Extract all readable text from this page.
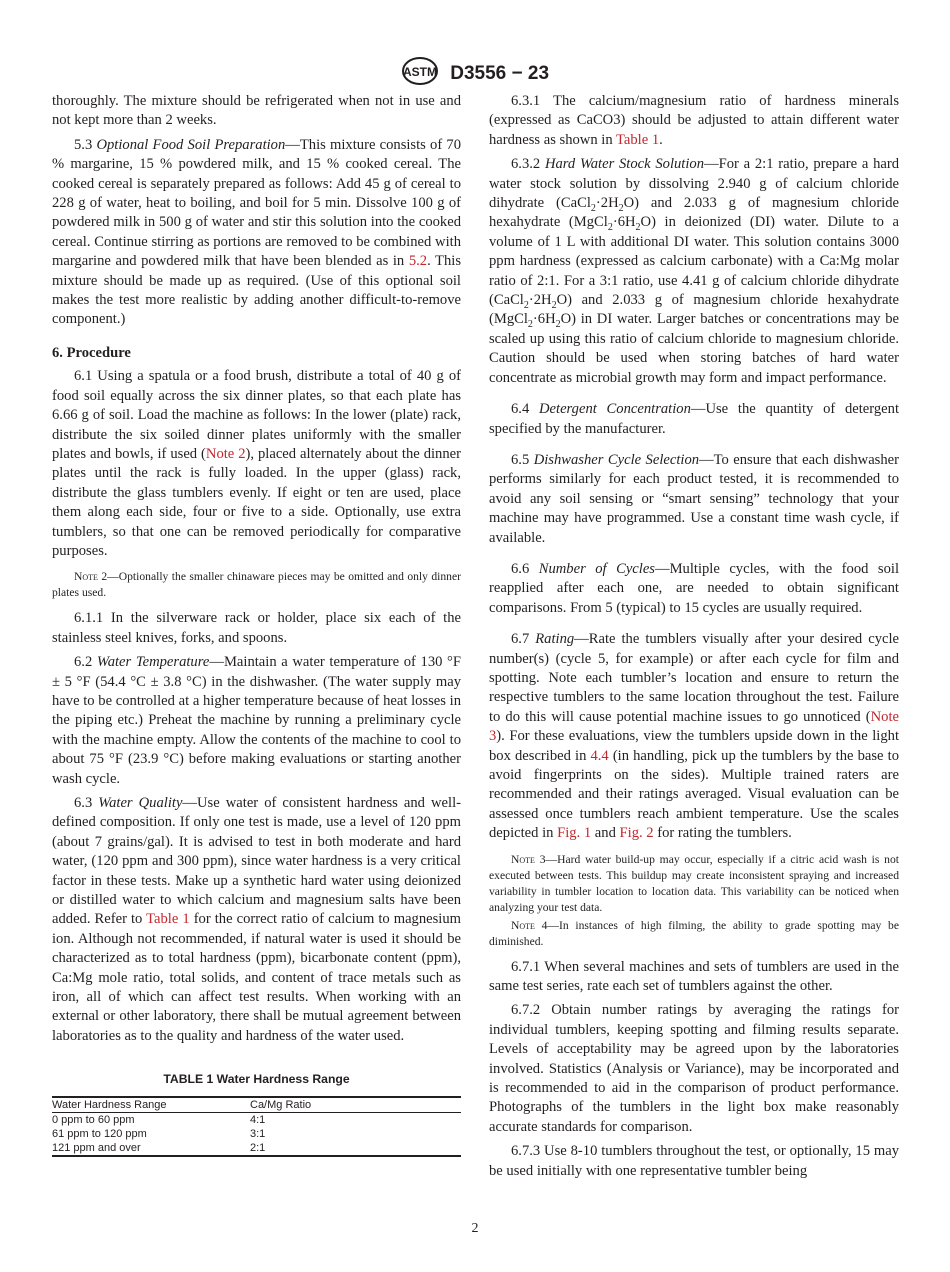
ASTM D3556 − 23
thoroughly. The mixture should be refrigerated when not in use and not kept more than 2 weeks.
5.3 Optional Food Soil Preparation—This mixture consists of 70 % margarine, 15 % powdered milk, and 15 % cooked cereal. The cooked cereal is separately prepared as follows: Add 45 g of cereal to 228 g of water, heat to boiling, and boil for 5 min. Dissolve 100 g of powdered milk in 500 g of water and stir this solution into the cooked cereal. Continue stirring as portions are removed to be combined with margarine and powdered milk that have been blended as in 5.2. This mixture should be made up as required. (Use of this optional soil makes the test more realistic by adding another difficult-to-remove component.)
6. Procedure
6.1 Using a spatula or a food brush, distribute a total of 40 g of food soil equally across the six dinner plates, so that each plate has 6.66 g of soil. Load the machine as follows: In the lower (plate) rack, distribute the six soiled dinner plates uniformly with the smaller plates and bowls, if used (Note 2), placed alternately about the dinner plates until the rack is fully loaded. In the upper (glass) rack, distribute the glass tumblers evenly. If eight or ten are used, place them along each side, four or five to a side. Optionally, use extra tumblers, so that one can be removed periodically for comparative purposes.
Note 2—Optionally the smaller chinaware pieces may be omitted and only dinner plates used.
6.1.1 In the silverware rack or holder, place six each of the stainless steel knives, forks, and spoons.
6.2 Water Temperature—Maintain a water temperature of 130 °F ± 5 °F (54.4 °C ± 3.8 °C) in the dishwasher. (The water supply may have to be controlled at a higher temperature because of heat losses in the piping etc.) Preheat the machine by running a preliminary cycle with the machine empty. Allow the contents of the machine to cool to about 75 °F (23.9 °C) before making evaluations or starting another wash cycle.
6.3 Water Quality—Use water of consistent hardness and well-defined composition. If only one test is made, use a level of 120 ppm (about 7 grains/gal). It is advised to test in both moderate and hard water, (120 ppm and 300 ppm), since water hardness is a very critical factor in these tests. Make up a synthetic hard water using deionized or distilled water to which calcium and magnesium salts have been added. Refer to Table 1 for the correct ratio of calcium to magnesium ion. Although not recommended, if natural water is used it should be characterized as to total hardness (ppm), bicarbonate content (ppm), Ca:Mg mole ratio, total solids, and content of trace metals such as iron, all of which can affect test results. When working with an external or other laboratory, there shall be mutual agreement between laboratories as to the quality and hardness of the water used.
TABLE 1 Water Hardness Range
Water Hardness Range	Ca/Mg Ratio
0 ppm to 60 ppm	4:1
61 ppm to 120 ppm	3:1
121 ppm and over	2:1
6.3.1 The calcium/magnesium ratio of hardness minerals (expressed as CaCO3) should be adjusted to attain different water hardness as shown in Table 1.
6.3.2 Hard Water Stock Solution—For a 2:1 ratio, prepare a hard water stock solution by dissolving 2.940 g of calcium chloride dihydrate $(CaCl_2\cdot 2H_2O)$ and 2.033 g of magnesium chloride hexahydrate $(MgCl_2\cdot 6H_2O)$ in deionized (DI) water. Dilute to a volume of 1 L with additional DI water. This solution contains 3000 ppm hardness (expressed as calcium carbonate) with a Ca:Mg molar ratio of 2:1. For a 3:1 ratio, use 4.41 g of calcium chloride dihydrate $(CaCl_2\cdot 2H_2O)$ and 2.033 g of magnesium chloride hexahydrate $(MgCl_2\cdot 6H_2O)$ in DI water. Larger batches or concentrations may be scaled up using this ratio of calcium chloride to magnesium chloride. Caution should be used when storing batches of hard water concentrate as microbial growth may form and impact performance.
6.4 Detergent Concentration—Use the quantity of detergent specified by the manufacturer.
6.5 Dishwasher Cycle Selection—To ensure that each dishwasher performs similarly for each product tested, it is recommended to avoid any soil sensing or “smart sensing” technology that your machine may have programmed. Use a constant time wash cycle, if available.
6.6 Number of Cycles—Multiple cycles, with the food soil reapplied after each one, are needed to obtain significant comparisons. From 5 (typical) to 15 cycles are usually required.
6.7 Rating—Rate the tumblers visually after your desired cycle number(s) (cycle 5, for example) or after each cycle for film and spotting. Note each tumbler’s location and ensure to return the respective tumblers to the same location throughout the test. Failure to do this will cause potential machine issues to go unnoticed (Note 3). For these evaluations, view the tumblers upside down in the light box described in 4.4 (in handling, pick up the tumblers by the base to avoid fingerprints on the sides). Multiple trained raters are recommended and their ratings averaged. Visual evaluation can be assessed once tumblers reach ambient temperature. Use the scales depicted in Fig. 1 and Fig. 2 for rating the tumblers.
Note 3—Hard water build-up may occur, especially if a citric acid wash is not executed between tests. This buildup may create inconsistent spraying and increased variability in tumbler location to location data. This variability can be noticed when analyzing your test data.
Note 4—In instances of high filming, the ability to grade spotting may be diminished.
6.7.1 When several machines and sets of tumblers are used in the same test series, rate each set of tumblers against the other.
6.7.2 Obtain number ratings by averaging the ratings for individual tumblers, keeping spotting and filming results separate. Levels of acceptability may be agreed upon by the laboratories involved. Statistics (Analysis or Variance), may be incorporated and is recommended to aid in the comparison of product performance. Photographs of the tumblers in the light box make reasonably accurate standards for comparison.
6.7.3 Use 8-10 tumblers throughout the test, or optionally, 15 may be used initially with one representative tumbler being
2
